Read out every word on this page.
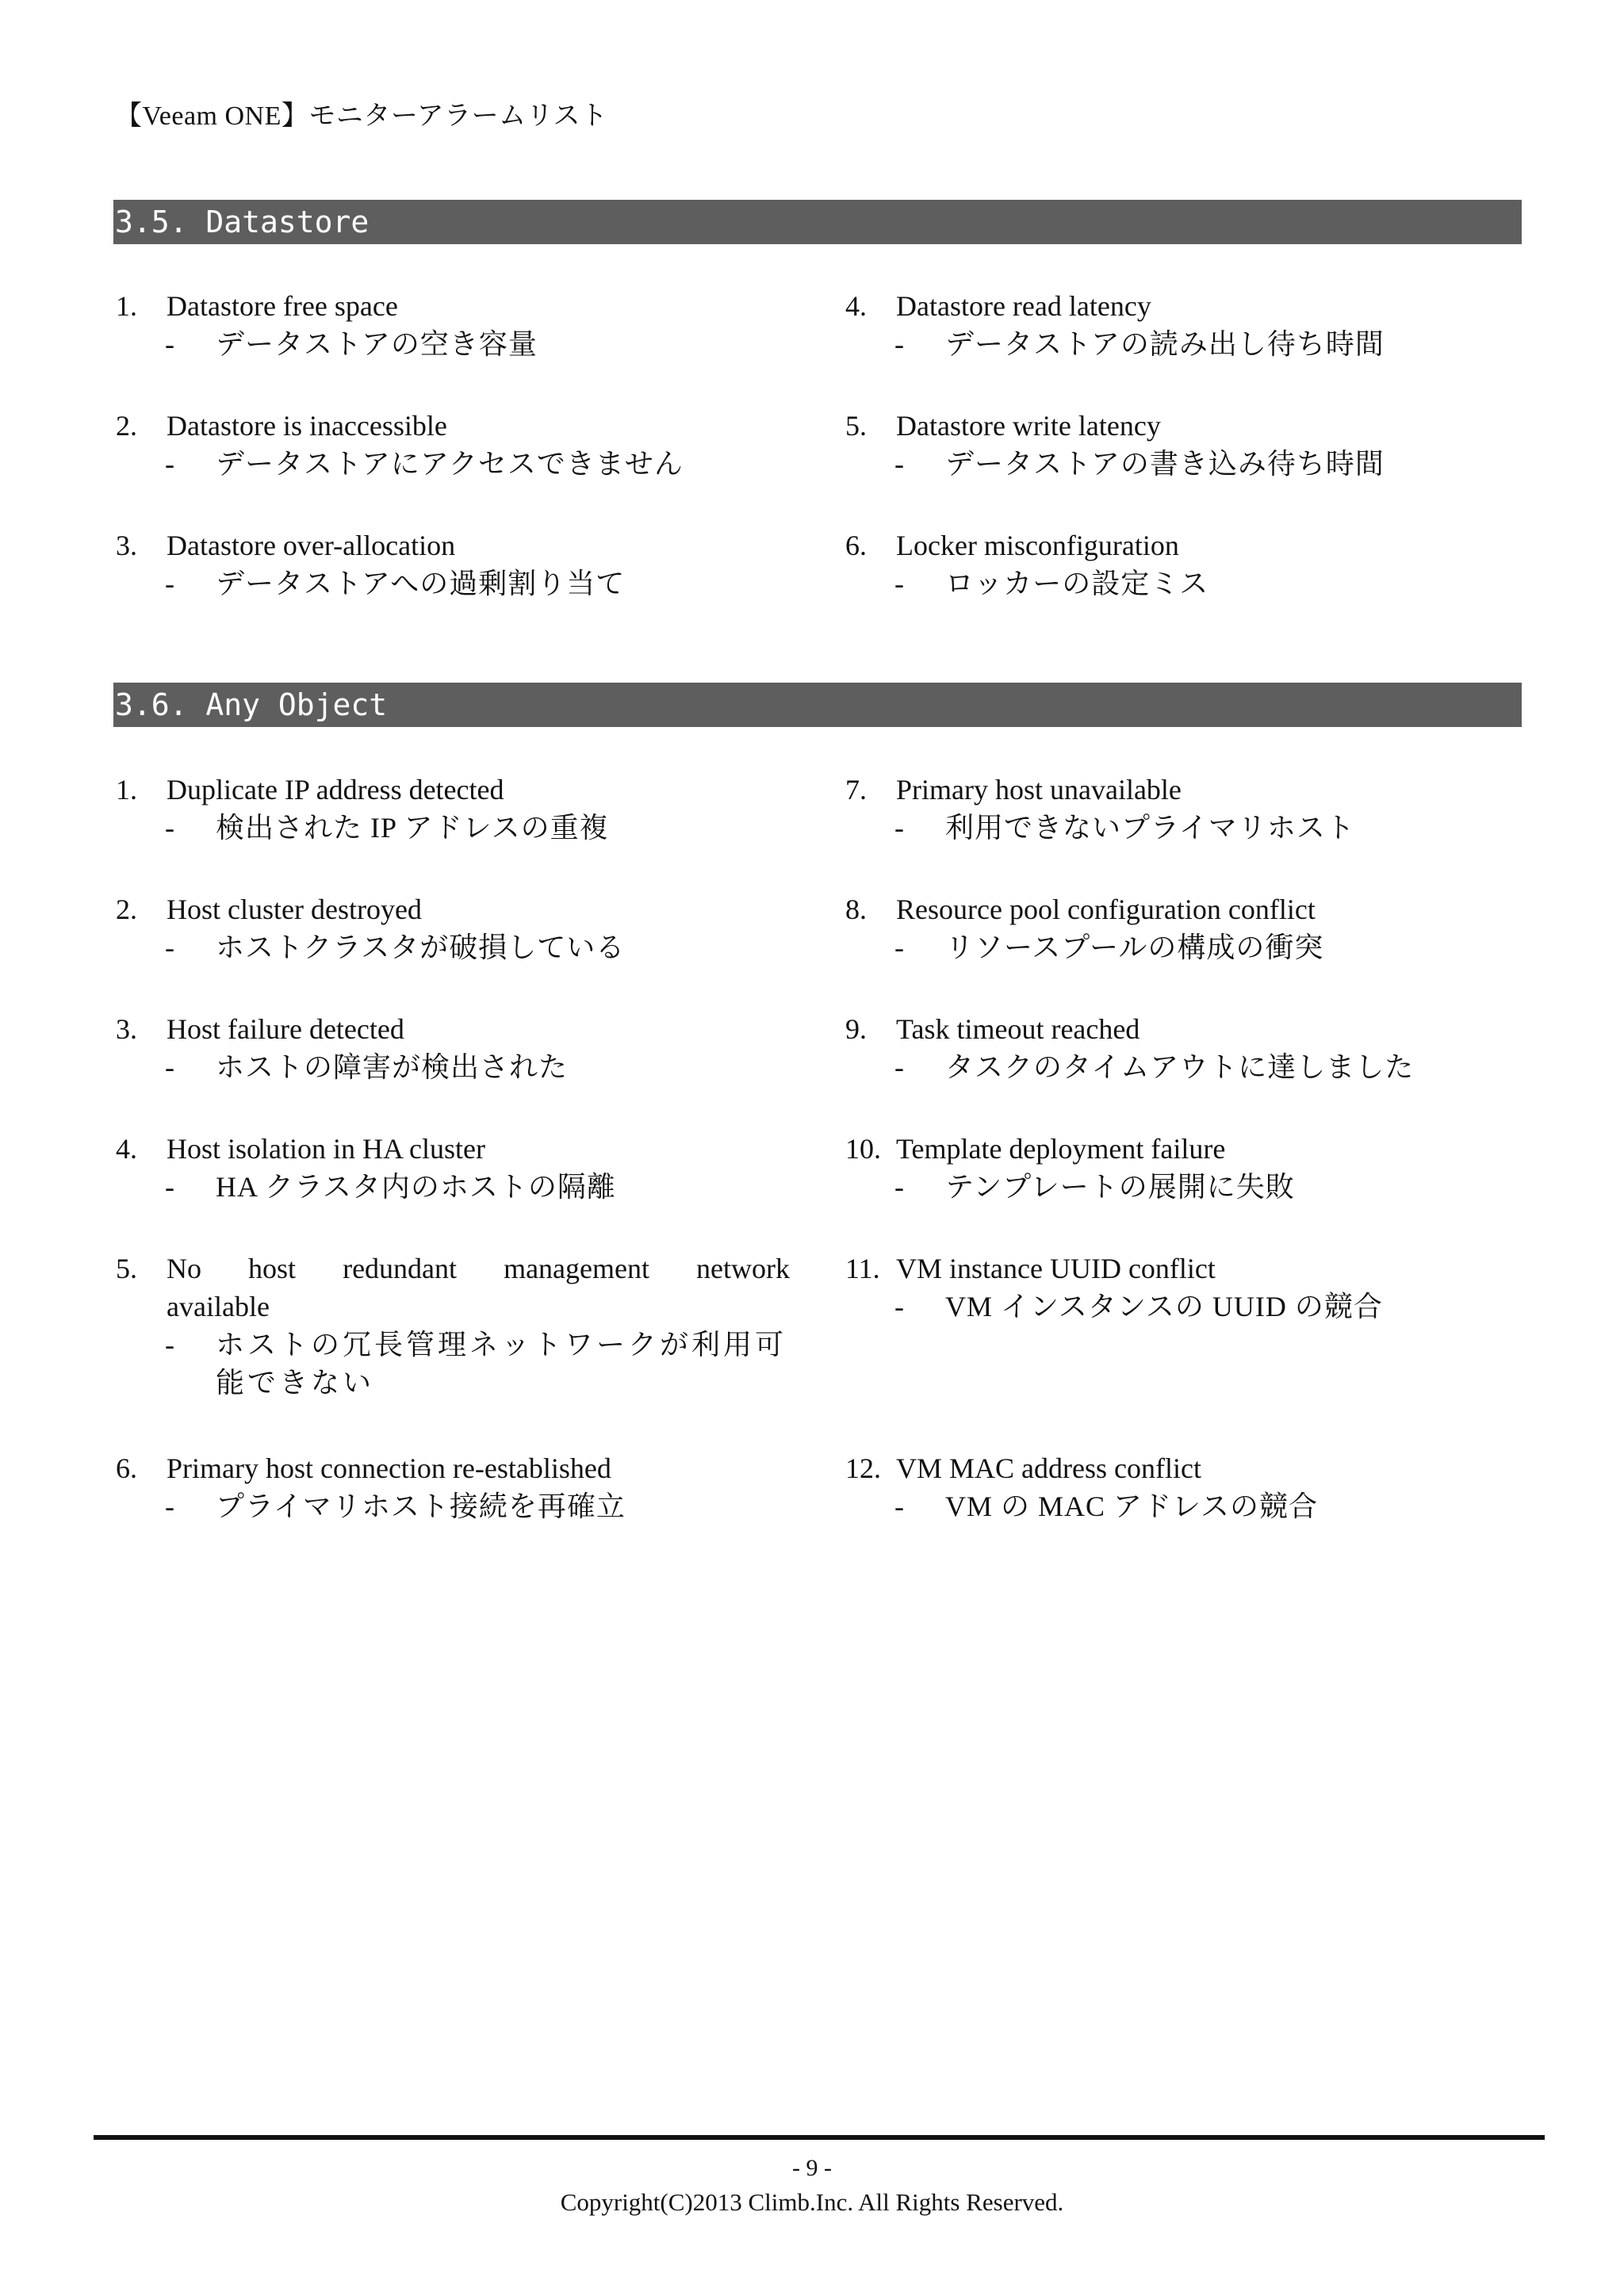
【Veeam ONE】モニターアラームリスト
3.5. Datastore
1.	Datastore free space
-	データストアの空き容量
2.	Datastore is inaccessible
-	データストアにアクセスできません
3.	Datastore over-allocation
-	データストアへの過剰割り当て
4.	Datastore read latency
-	データストアの読み出し待ち時間
5.	Datastore write latency
-	データストアの書き込み待ち時間
6.	Locker misconfiguration
-	ロッカーの設定ミス
3.6. Any Object
1.	Duplicate IP address detected
-	検出された IP アドレスの重複
2.	Host cluster destroyed
-	ホストクラスタが破損している
3.	Host failure detected
-	ホストの障害が検出された
4.	Host isolation in HA cluster
-	HA クラスタ内のホストの隔離
5.	No host redundant management network available
-	ホストの冗長管理ネットワークが利用可能できない
6.	Primary host connection re-established
-	プライマリホスト接続を再確立
7.	Primary host unavailable
-	利用できないプライマリホスト
8.	Resource pool configuration conflict
-	リソースプールの構成の衝突
9.	Task timeout reached
-	タスクのタイムアウトに達しました
10. Template deployment failure
-	テンプレートの展開に失敗
11. VM instance UUID conflict
-	VM インスタンスの UUID の競合
12. VM MAC address conflict
-	VM の MAC アドレスの競合
- 9 -
Copyright(C)2013 Climb.Inc. All Rights Reserved.
